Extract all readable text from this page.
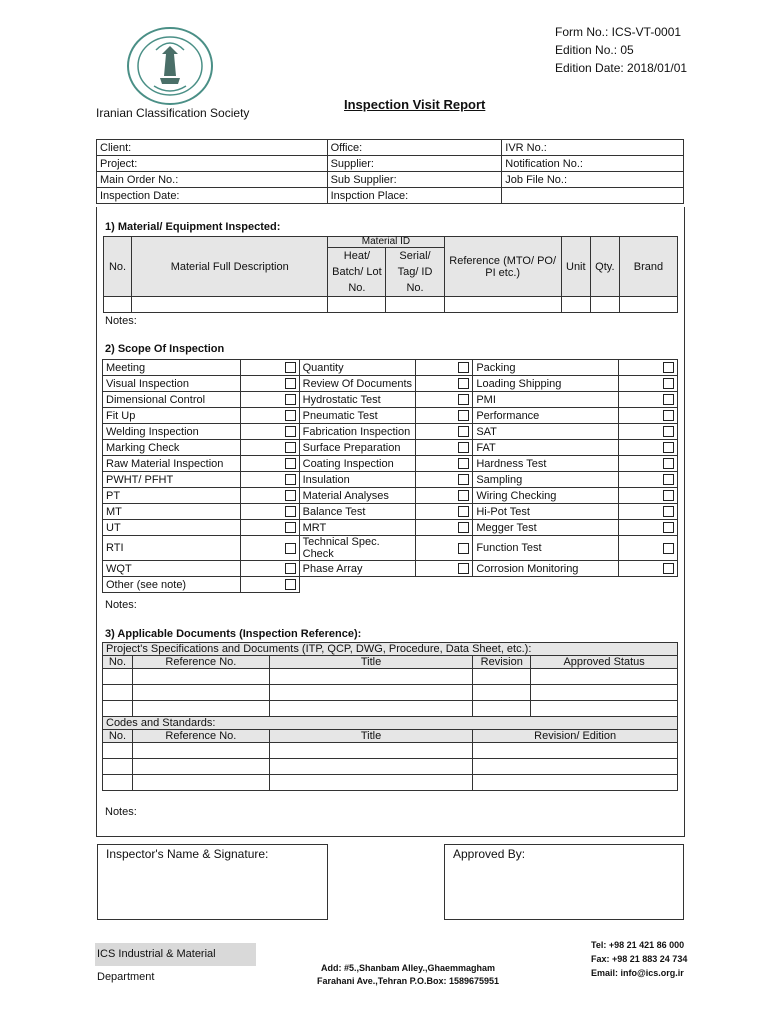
Iranian Classification Society
Inspection Visit Report
Form No.: ICS-VT-0001
Edition No.: 05
Edition Date: 2018/01/01
Client:	Office:	IVR No.:
Project:	Supplier:	Notification No.:
Main Order No.:	Sub Supplier:	Job File No.:
Inspection Date:	Inspction Place:	
1) Material/ Equipment Inspected:
No.	Material Full Description	Material ID		Reference (MTO/ PO/ PI etc.)	Unit	Qty.	Brand
		Heat/ Batch/ Lot No.	Serial/ Tag/ ID No.				

Notes:
2) Scope Of Inspection
Meeting		Quantity		Packing	
Visual Inspection		Review Of Documents		Loading Shipping	
Dimensional Control		Hydrostatic Test		PMI	
Fit Up		Pneumatic Test		Performance	
Welding Inspection		Fabrication Inspection		SAT	
Marking Check		Surface Preparation		FAT	
Raw Material Inspection		Coating Inspection		Hardness Test	
PWHT/ PFHT		Insulation		Sampling	
PT		Material Analyses		Wiring Checking	
MT		Balance Test		Hi-Pot Test	
UT		MRT		Megger Test	
RTI		Technical Spec. Check		Function Test	
WQT		Phase Array		Corrosion Monitoring	
Other (see note)					
Notes:
3) Applicable Documents (Inspection Reference):
Project's Specifications and Documents (ITP, QCP, DWG, Procedure, Data Sheet, etc.):				
No.	Reference No.	Title	Revision	Approved Status

Codes and Standards:				
No.	Reference No.	Title	Revision/ Edition	

Notes:
Inspector's Name & Signature:	Approved By:
ICS Industrial & Material Department
Add: #5.,Shanbam Alley.,Ghaemmagham
Farahani Ave.,Tehran P.O.Box: 1589675951
Tel: +98 21 421 86 000
Fax: +98 21 883 24 734
Email: info@ics.org.ir
